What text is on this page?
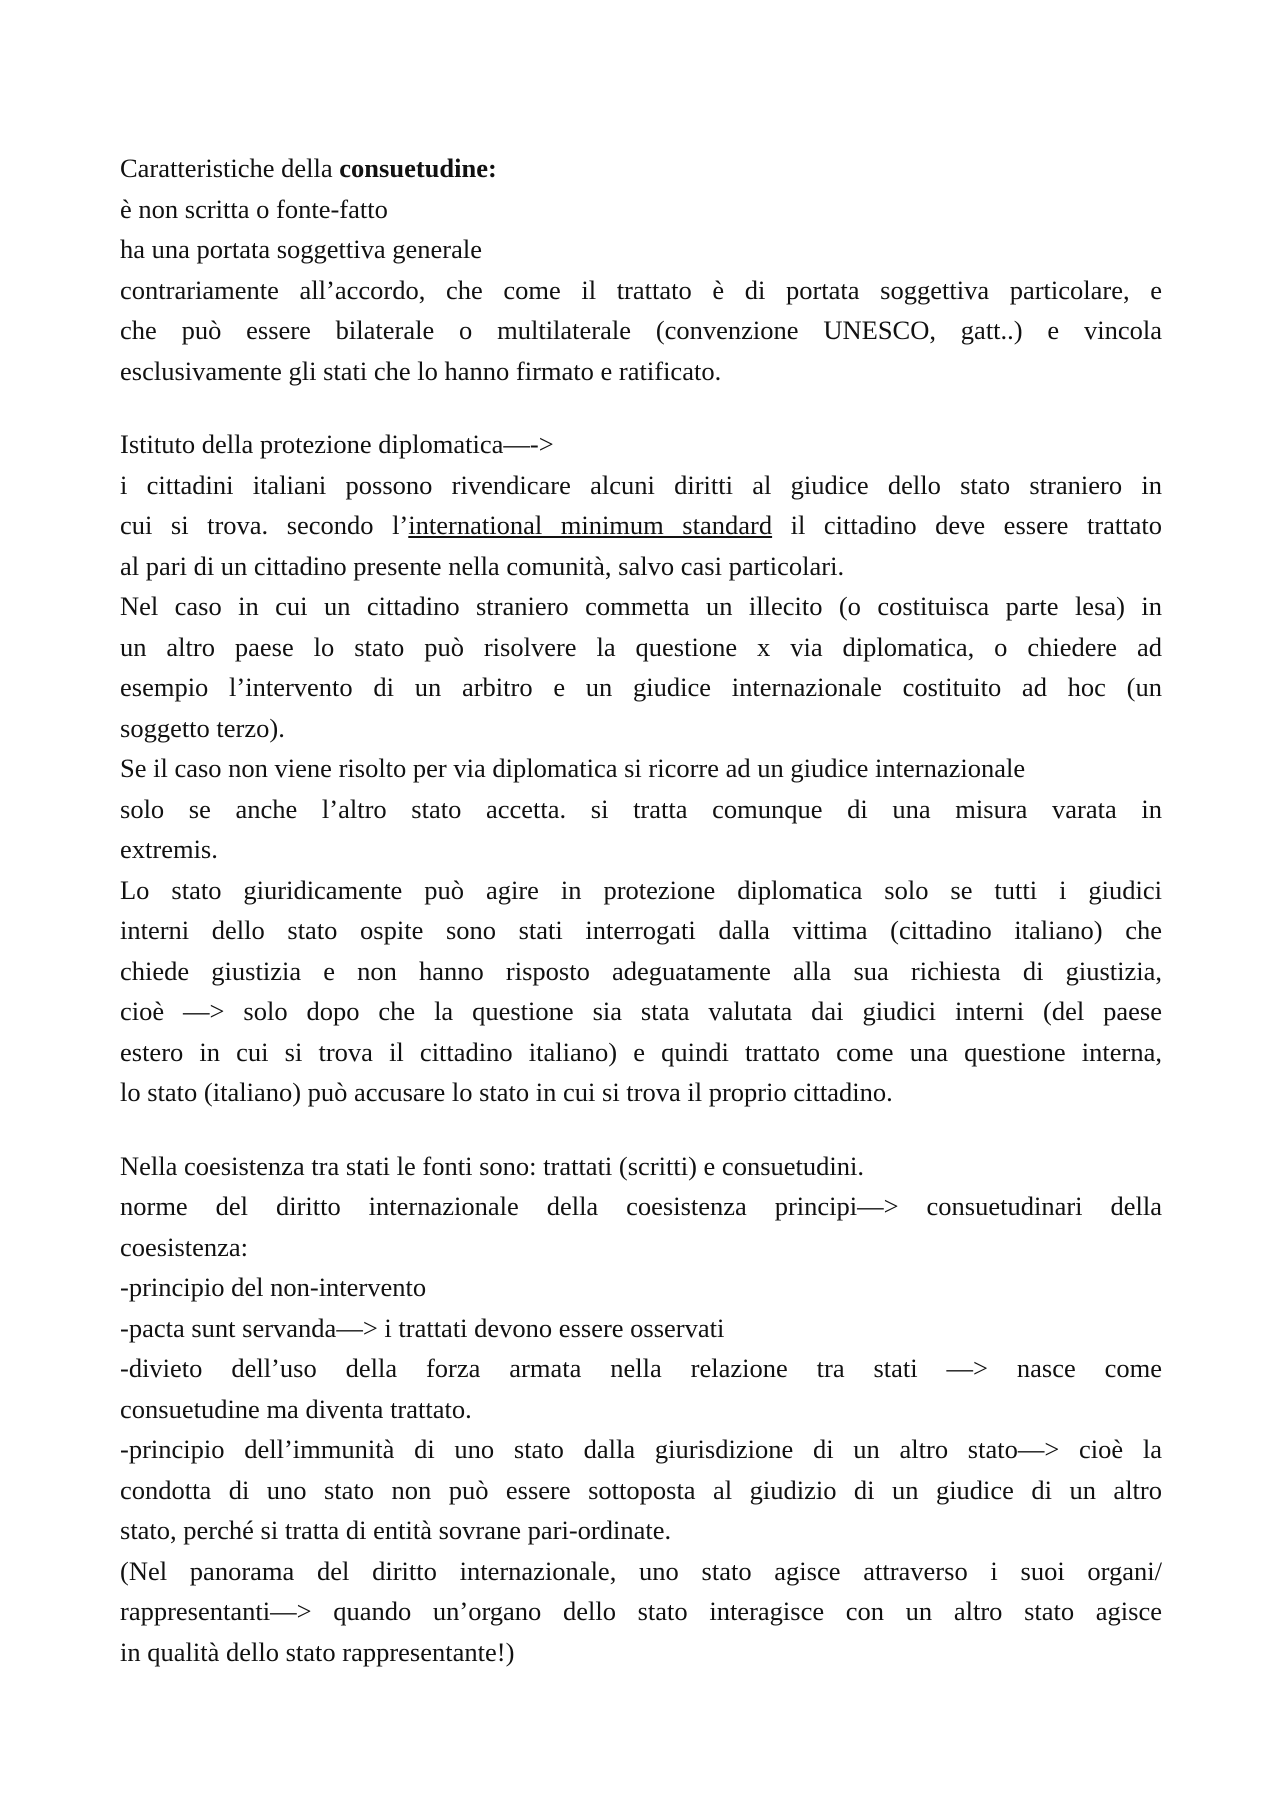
Caratteristiche della consuetudine:
è non scritta o fonte-fatto
ha una portata soggettiva generale
contrariamente all’accordo, che come il trattato è di portata soggettiva particolare, e
che può essere bilaterale o multilaterale (convenzione UNESCO, gatt..) e vincola
esclusivamente gli stati che lo hanno firmato e ratificato.
Istituto della protezione diplomatica—->
i cittadini italiani possono rivendicare alcuni diritti al giudice dello stato straniero in
cui si trova. secondo l’international minimum standard il cittadino deve essere trattato
al pari di un cittadino presente nella comunità, salvo casi particolari.
Nel caso in cui un cittadino straniero commetta un illecito (o costituisca parte lesa) in
un altro paese lo stato può risolvere la questione x via diplomatica, o chiedere ad
esempio l’intervento di un arbitro e un giudice internazionale costituito ad hoc (un
soggetto terzo).
Se il caso non viene risolto per via diplomatica si ricorre ad un giudice internazionale
solo se anche l’altro stato accetta. si tratta comunque di una misura varata in
extremis.
Lo stato giuridicamente può agire in protezione diplomatica solo se tutti i giudici
interni dello stato ospite sono stati interrogati dalla vittima (cittadino italiano) che
chiede giustizia e non hanno risposto adeguatamente alla sua richiesta di giustizia,
cioè —> solo dopo che la questione sia stata valutata dai giudici interni (del paese
estero in cui si trova il cittadino italiano) e quindi trattato come una questione interna,
lo stato (italiano) può accusare lo stato in cui si trova il proprio cittadino.
Nella coesistenza tra stati le fonti sono: trattati (scritti) e consuetudini.
norme del diritto internazionale della coesistenza principi—> consuetudinari della
coesistenza:
-principio del non-intervento
-pacta sunt servanda—> i trattati devono essere osservati
-divieto dell’uso della forza armata nella relazione tra stati —> nasce come
consuetudine ma diventa trattato.
-principio dell’immunità di uno stato dalla giurisdizione di un altro stato—> cioè la
condotta di uno stato non può essere sottoposta al giudizio di un giudice di un altro
stato, perché si tratta di entità sovrane pari-ordinate.
(Nel panorama del diritto internazionale, uno stato agisce attraverso i suoi organi/
rappresentanti—> quando un’organo dello stato interagisce con un altro stato agisce
in qualità dello stato rappresentante!)
